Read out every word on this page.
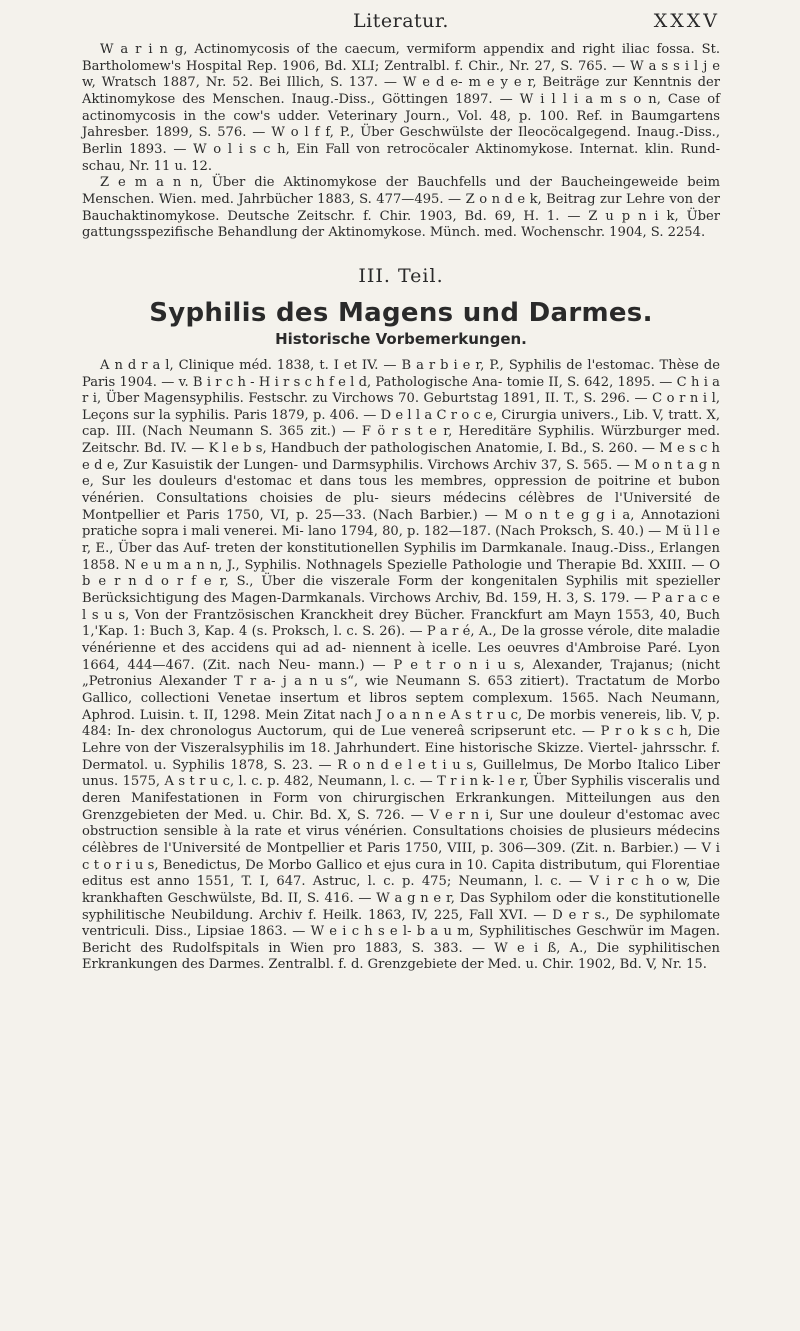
Literatur.	XXXV

W a r i n g, Actinomycosis of the caecum, vermiform appendix and right iliac fossa. St. Bartholomew's Hospital Rep. 1906, Bd. XLI; Zentralbl. f. Chir., Nr. 27, S. 765. — W a s s i l j e w, Wratsch 1887, Nr. 52. Bei Illich, S. 137. — W e d e- m e y e r, Beiträge zur Kenntnis der Aktinomykose des Menschen. Inaug.-Diss., Göttingen 1897. — W i l l i a m s o n, Case of actinomycosis in the cow's udder. Veterinary Journ., Vol. 48, p. 100. Ref. in Baumgartens Jahresber. 1899, S. 576. — W o l f f, P., Über Geschwülste der Ileocöcalgegend. Inaug.-Diss., Berlin 1893. — W o l i s c h, Ein Fall von retrocöcaler Aktinomykose. Internat. klin. Rund- schau, Nr. 11 u. 12.

Z e m a n n, Über die Aktinomykose der Bauchfells und der Baucheingeweide beim Menschen. Wien. med. Jahrbücher 1883, S. 477—495. — Z o n d e k, Beitrag zur Lehre von der Bauchaktinomykose. Deutsche Zeitschr. f. Chir. 1903, Bd. 69, H. 1. — Z u p n i k, Über gattungsspezifische Behandlung der Aktinomykose. Münch. med. Wochenschr. 1904, S. 2254.

III. Teil.
Syphilis des Magens und Darmes.
Historische Vorbemerkungen.

A n d r a l, Clinique méd. 1838, t. I et IV. — B a r b i e r, P., Syphilis de l'estomac. Thèse de Paris 1904. — v. B i r c h - H i r s c h f e l d, Pathologische Ana- tomie II, S. 642, 1895. — C h i a r i, Über Magensyphilis. Festschr. zu Virchows 70. Geburtstag 1891, II. T., S. 296. — C o r n i l, Leçons sur la syphilis. Paris 1879, p. 406. — D e l l a C r o c e, Cirurgia univers., Lib. V, tratt. X, cap. III. (Nach Neumann S. 365 zit.) — F ö r s t e r, Hereditäre Syphilis. Würzburger med. Zeitschr. Bd. IV. — K l e b s, Handbuch der pathologischen Anatomie, I. Bd., S. 260. — M e s c h e d e, Zur Kasuistik der Lungen- und Darmsyphilis. Virchows Archiv 37, S. 565. — M o n t a g n e, Sur les douleurs d'estomac et dans tous les membres, oppression de poitrine et bubon vénérien. Consultations choisies de plu- sieurs médecins célèbres de l'Université de Montpellier et Paris 1750, VI, p. 25—33. (Nach Barbier.) — M o n t e g g i a, Annotazioni pratiche sopra i mali venerei. Mi- lano 1794, 80, p. 182—187. (Nach Proksch, S. 40.) — M ü l l e r, E., Über das Auf- treten der konstitutionellen Syphilis im Darmkanale. Inaug.-Diss., Erlangen 1858. N e u m a n n, J., Syphilis. Nothnagels Spezielle Pathologie und Therapie Bd. XXIII. — O b e r n d o r f e r, S., Über die viszerale Form der kongenitalen Syphilis mit spezieller Berücksichtigung des Magen-Darmkanals. Virchows Archiv, Bd. 159, H. 3, S. 179. — P a r a c e l s u s, Von der Frantzösischen Kranckheit drey Bücher. Franckfurt am Mayn 1553, 40, Buch 1,'Kap. 1: Buch 3, Kap. 4 (s. Proksch, l. c. S. 26). — P a r é, A., De la grosse vérole, dite maladie vénérienne et des accidens qui ad ad- niennent à icelle. Les oeuvres d'Ambroise Paré. Lyon 1664, 444—467. (Zit. nach Neu- mann.) — P e t r o n i u s, Alexander, Trajanus; (nicht „Petronius Alexander T r a- j a n u s“, wie Neumann S. 653 zitiert). Tractatum de Morbo Gallico, collectioni Venetae insertum et libros septem complexum. 1565. Nach Neumann, Aphrod. Luisin. t. II, 1298. Mein Zitat nach J o a n n e A s t r u c, De morbis venereis, lib. V, p. 484: In- dex chronologus Auctorum, qui de Lue venereâ scripserunt etc. — P r o k s c h, Die Lehre von der Viszeralsyphilis im 18. Jahrhundert. Eine historische Skizze. Viertel- jahrsschr. f. Dermatol. u. Syphilis 1878, S. 23. — R o n d e l e t i u s, Guillelmus, De Morbo Italico Liber unus. 1575, A s t r u c, l. c. p. 482, Neumann, l. c. — T r i n k- l e r, Über Syphilis visceralis und deren Manifestationen in Form von chirurgischen Erkrankungen. Mitteilungen aus den Grenzgebieten der Med. u. Chir. Bd. X, S. 726. — V e r n i, Sur une douleur d'estomac avec obstruction sensible à la rate et virus vénérien. Consultations choisies de plusieurs médecins célèbres de l'Université de Montpellier et Paris 1750, VIII, p. 306—309. (Zit. n. Barbier.) — V i c t o r i u s, Benedictus, De Morbo Gallico et ejus cura in 10. Capita distributum, qui Florentiae editus est anno 1551, T. I, 647. Astruc, l. c. p. 475; Neumann, l. c. — V i r c h o w, Die krankhaften Geschwülste, Bd. II, S. 416. — W a g n e r, Das Syphilom oder die konstitutionelle syphilitische Neubildung. Archiv f. Heilk. 1863, IV, 225, Fall XVI. — D e r s., De syphilomate ventriculi. Diss., Lipsiae 1863. — W e i c h s e l- b a u m, Syphilitisches Geschwür im Magen. Bericht des Rudolfspitals in Wien pro 1883, S. 383. — W e i ß, A., Die syphilitischen Erkrankungen des Darmes. Zentralbl. f. d. Grenzgebiete der Med. u. Chir. 1902, Bd. V, Nr. 15.
